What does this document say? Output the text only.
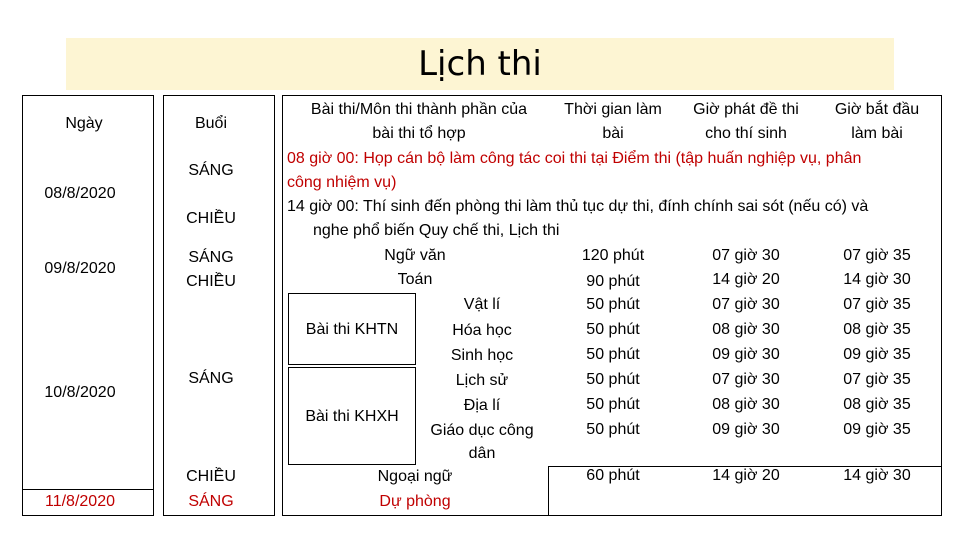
Lịch thi
Ngày	Buổi
Bài thi/Môn thi thành phần của
bài thi tổ hợp
Thời gian làm
bài
Giờ phát đề thi
cho thí sinh
Giờ bắt đầu
làm bài
08/8/2020
09/8/2020
10/8/2020
11/8/2020
SÁNG
CHIỀU
SÁNG
CHIỀU
SÁNG
CHIỀU
SÁNG
08 giờ 00: Họp cán bộ làm công tác coi thi tại Điểm thi (tập huấn nghiệp vụ, phân
công nhiệm vụ)
14 giờ 00: Thí sinh đến phòng thi làm thủ tục dự thi, đính chính sai sót (nếu có) và
nghe phổ biến Quy chế thi, Lịch thi
Bài thi KHTN
Bài thi KHXH
Ngữ văn
Toán
Vật lí
Hóa học
Sinh học
Lịch sử
Địa lí
Giáo dục công
dân
Ngoại ngữ
Dự phòng
120 phút
90 phút
50 phút
50 phút
50 phút
50 phút
50 phút
50 phút
60 phút
07 giờ 30
14 giờ 20
07 giờ 30
08 giờ 30
09 giờ 30
07 giờ 30
08 giờ 30
09 giờ 30
14 giờ 20
07 giờ 35
14 giờ 30
07 giờ 35
08 giờ 35
09 giờ 35
07 giờ 35
08 giờ 35
09 giờ 35
14 giờ 30
